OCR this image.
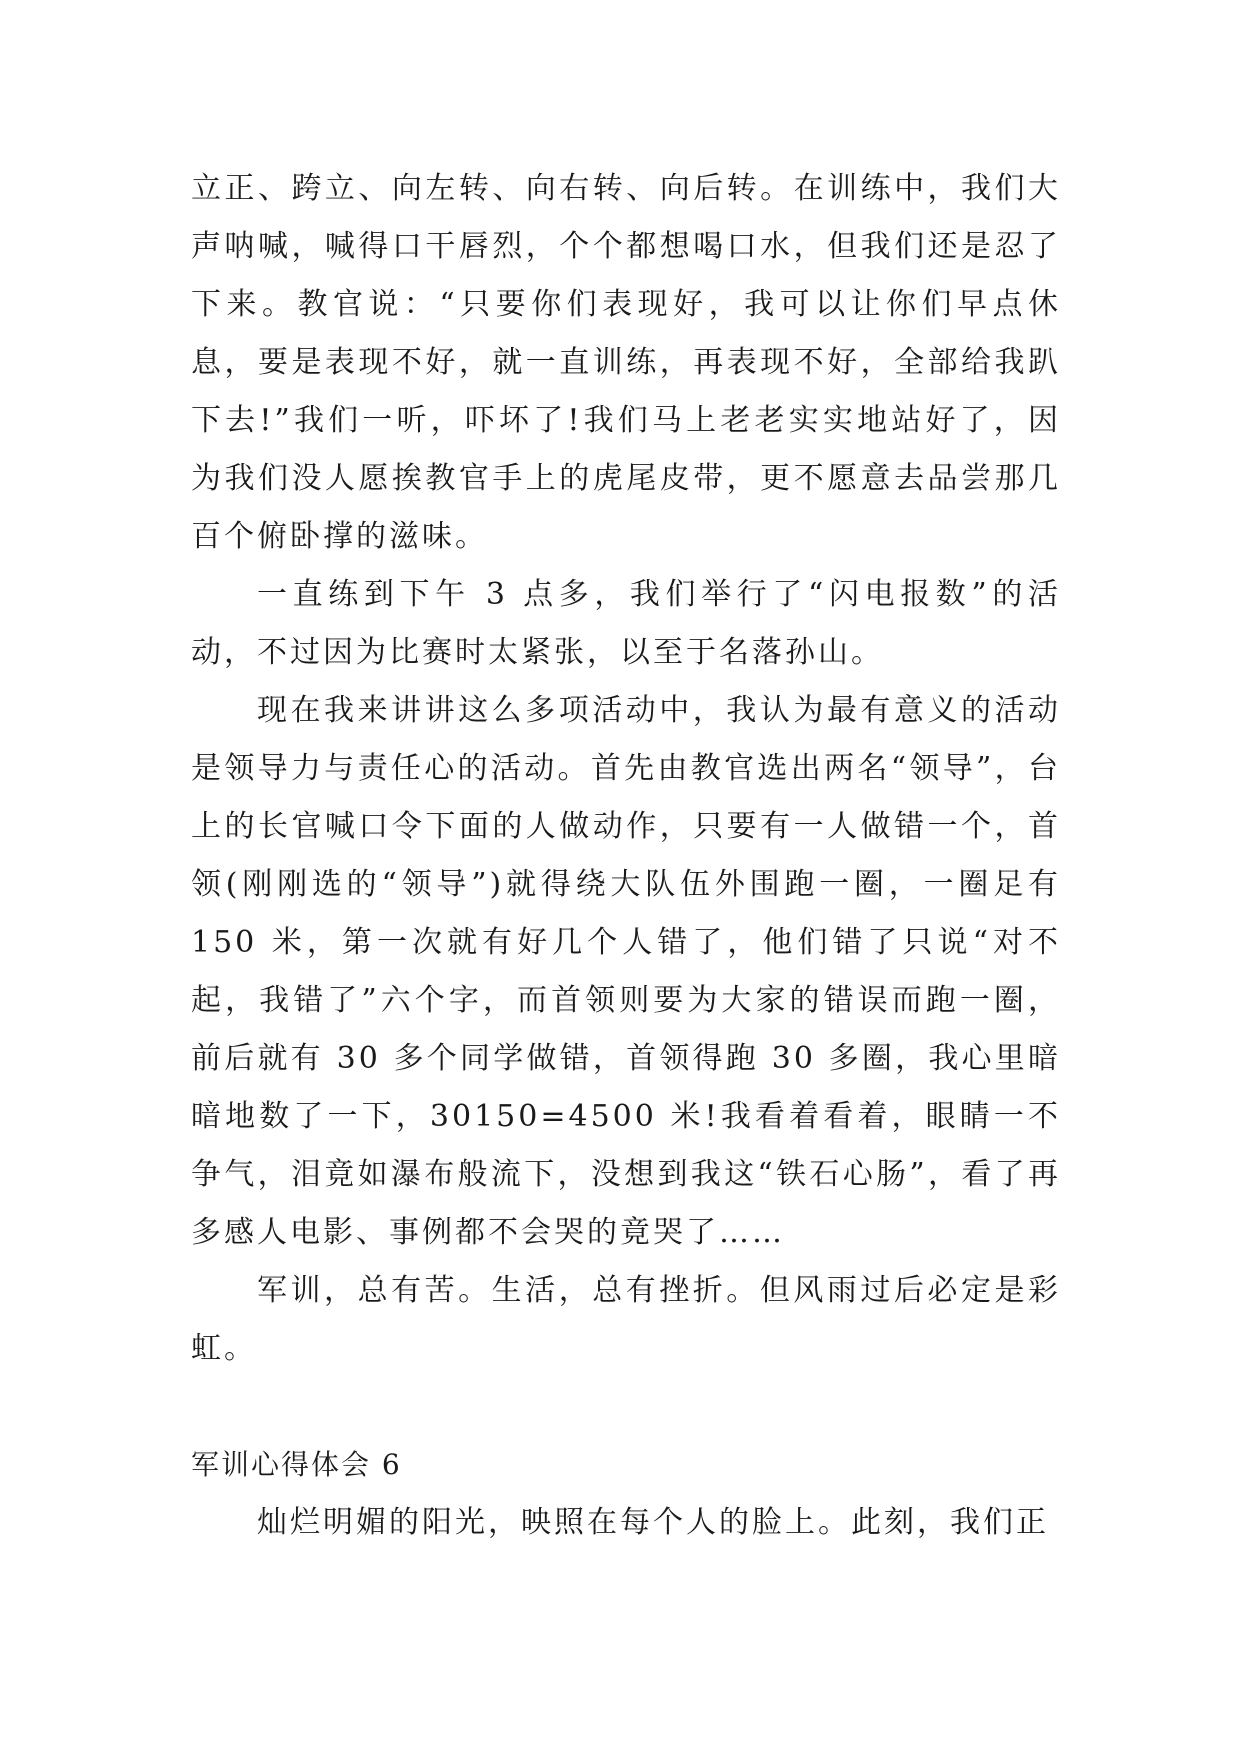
立正、跨立、向左转、向右转、向后转。在训练中，我们大声呐喊，喊得口干唇烈，个个都想喝口水，但我们还是忍了下来。教官说：“只要你们表现好，我可以让你们早点休息，要是表现不好，就一直训练，再表现不好，全部给我趴下去!”我们一听，吓坏了!我们马上老老实实地站好了，因为我们没人愿挨教官手上的虎尾皮带，更不愿意去品尝那几百个俯卧撑的滋味。

一直练到下午 3 点多，我们举行了“闪电报数”的活动，不过因为比赛时太紧张，以至于名落孙山。

现在我来讲讲这么多项活动中，我认为最有意义的活动是领导力与责任心的活动。首先由教官选出两名“领导”，台上的长官喊口令下面的人做动作，只要有一人做错一个，首领(刚刚选的“领导”)就得绕大队伍外围跑一圈，一圈足有 150 米，第一次就有好几个人错了，他们错了只说“对不起，我错了”六个字，而首领则要为大家的错误而跑一圈，前后就有 30 多个同学做错，首领得跑 30 多圈，我心里暗暗地数了一下，30150=4500 米!我看着看着，眼睛一不争气，泪竟如瀑布般流下，没想到我这“铁石心肠”，看了再多感人电影、事例都不会哭的竟哭了……

军训，总有苦。生活，总有挫折。但风雨过后必定是彩虹。

军训心得体会 6

灿烂明媚的阳光，映照在每个人的脸上。此刻，我们正
